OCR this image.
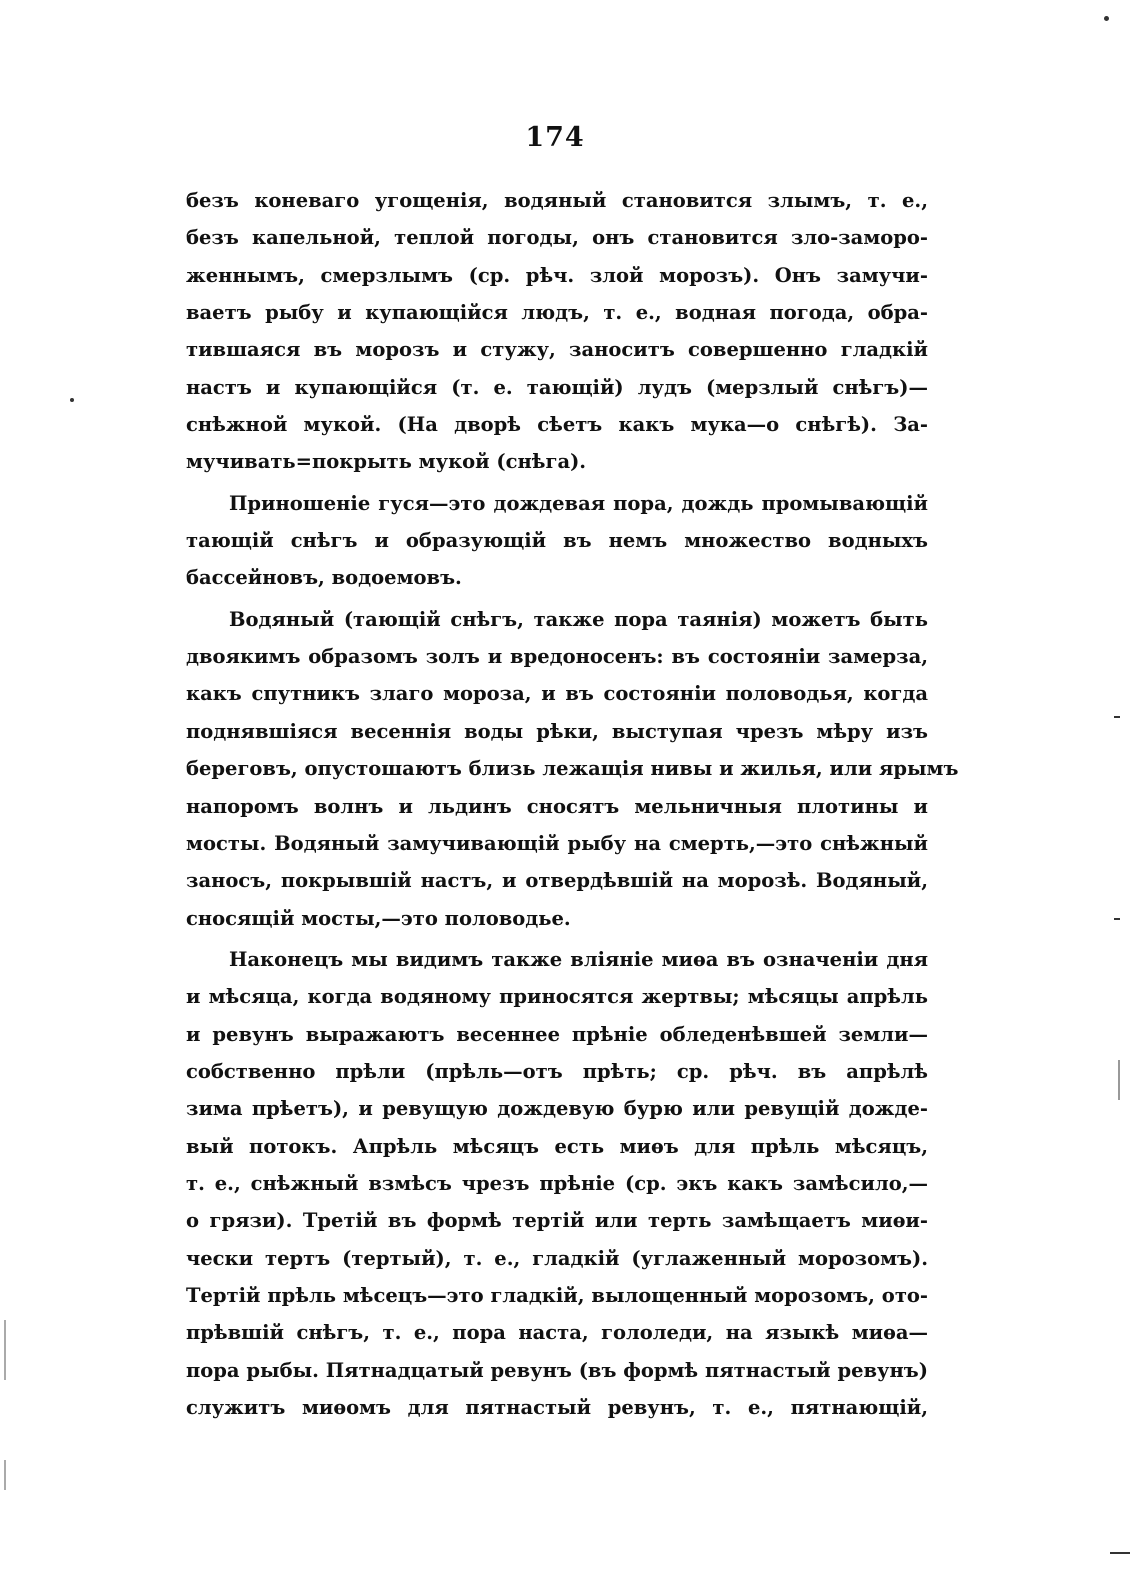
174
безъ коневаго угощенія, водяный становится злымъ, т. е.,
безъ капельной, теплой погоды, онъ становится зло-заморо-
женнымъ, смерзлымъ (ср. рѣч. злой морозъ). Онъ замучи-
ваетъ рыбу и купающійся людъ, т. е., водная погода, обра-
тившаяся въ морозъ и стужу, заноситъ совершенно гладкій
настъ и купающійся (т. е. тающій) лудъ (мерзлый снѣгъ)—
снѣжной мукой. (На дворѣ сѣетъ какъ мука—о снѣгѣ). За-
мучивать=покрыть мукой (снѣга).
Приношеніе гуся—это дождевая пора, дождь промывающій
тающій снѣгъ и образующій въ немъ множество водныхъ
бассейновъ, водоемовъ.
Водяный (тающій снѣгъ, также пора таянія) можетъ быть
двоякимъ образомъ золъ и вредоносенъ: въ состояніи замерза,
какъ спутникъ злаго мороза, и въ состояніи половодья, когда
поднявшіяся весеннія воды рѣки, выступая чрезъ мѣру изъ
береговъ, опустошаютъ близь лежащія нивы и жилья, или ярымъ
напоромъ волнъ и льдинъ сносятъ мельничныя плотины и
мосты. Водяный замучивающій рыбу на смерть,—это снѣжный
заносъ, покрывшій настъ, и отвердѣвшій на морозѣ. Водяный,
сносящій мосты,—это половодье.
Наконецъ мы видимъ также вліяніе миѳа въ означеніи дня
и мѣсяца, когда водяному приносятся жертвы; мѣсяцы апрѣль
и ревунъ выражаютъ весеннее прѣніе обледенѣвшей земли—
собственно прѣли (прѣль—отъ прѣть; ср. рѣч. въ апрѣлѣ
зима прѣетъ), и ревущую дождевую бурю или ревущій дожде-
вый потокъ. Апрѣль мѣсяцъ есть миѳъ для прѣль мѣсяцъ,
т. е., снѣжный взмѣсъ чрезъ прѣніе (ср. экъ какъ замѣсило,—
о грязи). Третій въ формѣ тертій или терть замѣщаетъ миѳи-
чески тертъ (тертый), т. е., гладкій (углаженный морозомъ).
Тертій прѣль мѣсецъ—это гладкій, вылощенный морозомъ, ото-
прѣвшій снѣгъ, т. е., пора наста, гололеди, на языкѣ миѳа—
пора рыбы. Пятнадцатый ревунъ (въ формѣ пятнастый ревунъ)
служитъ миѳомъ для пятнастый ревунъ, т. е., пятнающій,
